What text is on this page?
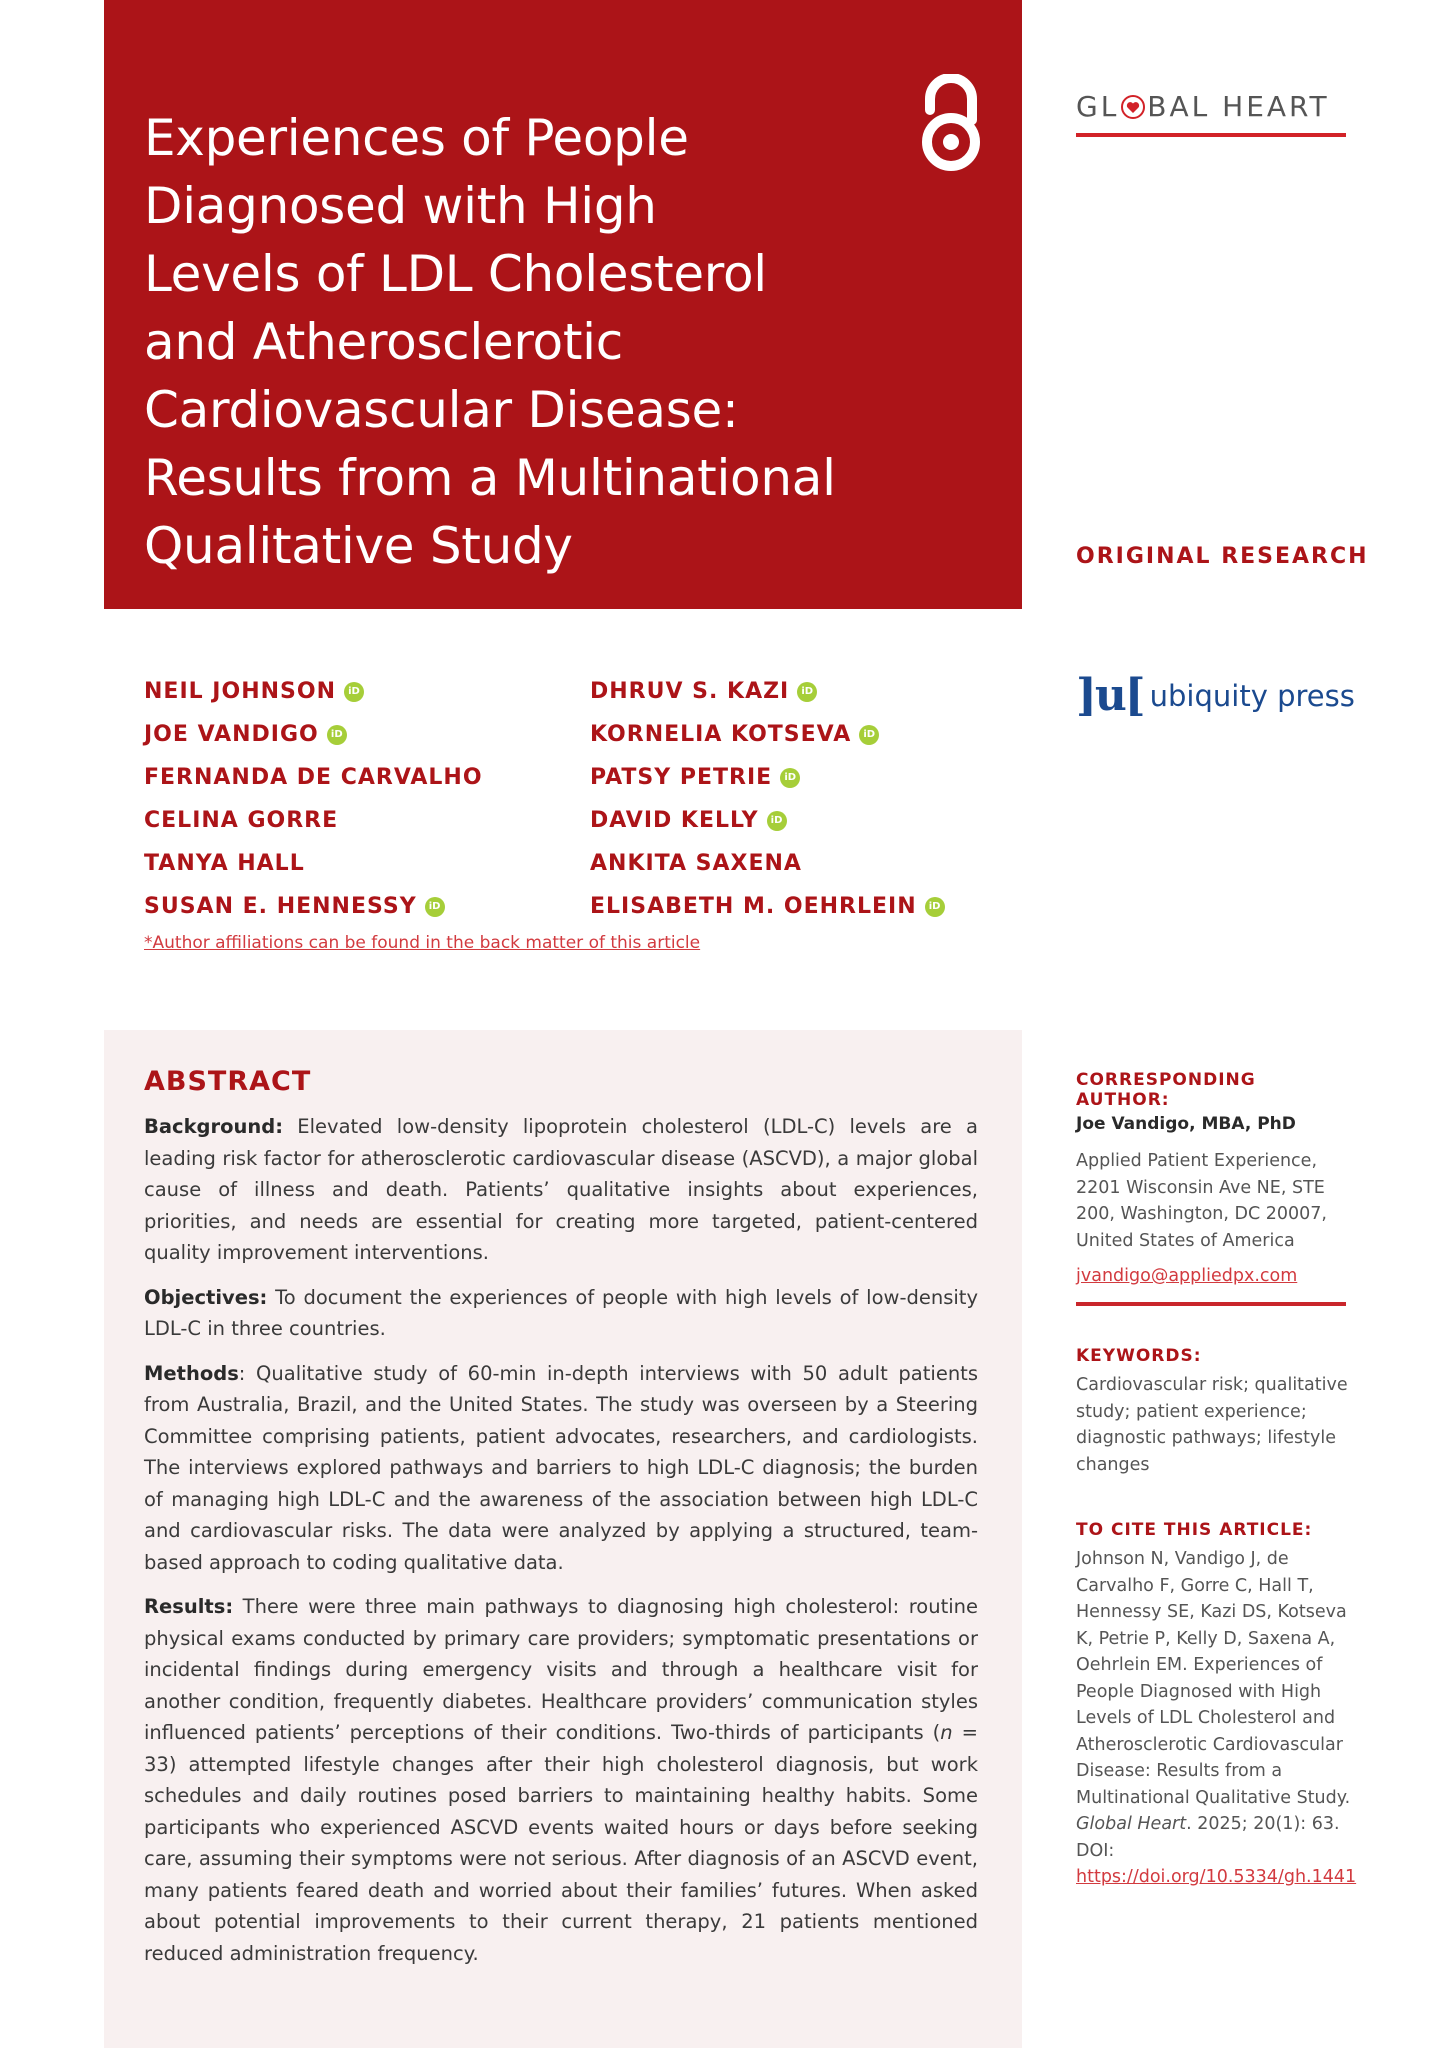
Experiences of People
Diagnosed with High
Levels of LDL Cholesterol
and Atherosclerotic
Cardiovascular Disease:
Results from a Multinational
Qualitative Study
GL BAL HEART
ORIGINAL RESEARCH
NEIL JOHNSON	iD
JOE VANDIGO	iD
FERNANDA DE CARVALHO
CELINA GORRE
TANYA HALL
SUSAN E. HENNESSY	iD
DHRUV S. KAZI	iD
KORNELIA KOTSEVA	iD
PATSY PETRIE	iD
DAVID KELLY	iD
ANKITA SAXENA
ELISABETH M. OEHRLEIN	iD
*Author affiliations can be found in the back matter of this article
]u[ ubiquity press
ABSTRACT

Background: Elevated low-density lipoprotein cholesterol (LDL-C) levels are a leading risk factor for atherosclerotic cardiovascular disease (ASCVD), a major global cause of illness and death. Patients’ qualitative insights about experiences, priorities, and needs are essential for creating more targeted, patient-centered quality improvement interventions.

Objectives: To document the experiences of people with high levels of low-density LDL-C in three countries.

Methods: Qualitative study of 60-min in-depth interviews with 50 adult patients from Australia, Brazil, and the United States. The study was overseen by a Steering Committee comprising patients, patient advocates, researchers, and cardiologists. The interviews explored pathways and barriers to high LDL-C diagnosis; the burden of managing high LDL-C and the awareness of the association between high LDL-C and cardiovascular risks. The data were analyzed by applying a structured, team-based approach to coding qualitative data.

Results: There were three main pathways to diagnosing high cholesterol: routine physical exams conducted by primary care providers; symptomatic presentations or incidental findings during emergency visits and through a healthcare visit for another condition, frequently diabetes. Healthcare providers’ communication styles influenced patients’ perceptions of their conditions. Two-thirds of participants (n = 33) attempted lifestyle changes after their high cholesterol diagnosis, but work schedules and daily routines posed barriers to maintaining healthy habits. Some participants who experienced ASCVD events waited hours or days before seeking care, assuming their symptoms were not serious. After diagnosis of an ASCVD event, many patients feared death and worried about their families’ futures. When asked about potential improvements to their current therapy, 21 patients mentioned reduced administration frequency.

CORRESPONDING AUTHOR:

Joe Vandigo, MBA, PhD

Applied Patient Experience, 2201 Wisconsin Ave NE, STE 200, Washington, DC 20007, United States of America

jvandigo@appliedpx.com

KEYWORDS:

Cardiovascular risk; qualitative study; patient experience; diagnostic pathways; lifestyle changes

TO CITE THIS ARTICLE:

Johnson N, Vandigo J, de Carvalho F, Gorre C, Hall T, Hennessy SE, Kazi DS, Kotseva K, Petrie P, Kelly D, Saxena A, Oehrlein EM. Experiences of People Diagnosed with High Levels of LDL Cholesterol and Atherosclerotic Cardiovascular Disease: Results from a Multinational Qualitative Study. Global Heart. 2025; 20(1): 63. DOI: https://doi.org/10.5334/gh.1441
